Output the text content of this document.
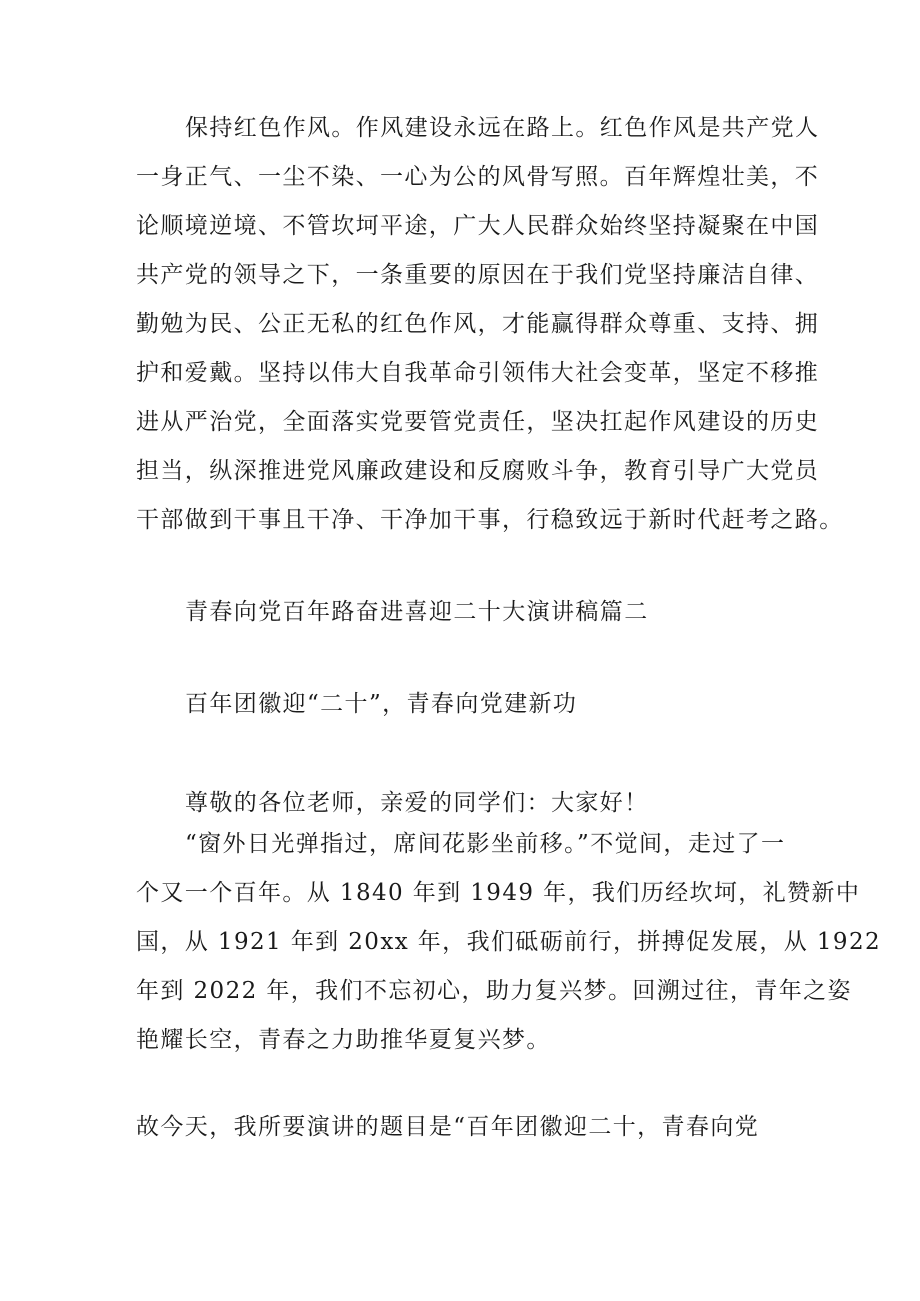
保持红色作风。作风建设永远在路上。红色作风是共产党人
一身正气、一尘不染、一心为公的风骨写照。百年辉煌壮美，不
论顺境逆境、不管坎坷平途，广大人民群众始终坚持凝聚在中国
共产党的领导之下，一条重要的原因在于我们党坚持廉洁自律、
勤勉为民、公正无私的红色作风，才能赢得群众尊重、支持、拥
护和爱戴。坚持以伟大自我革命引领伟大社会变革，坚定不移推
进从严治党，全面落实党要管党责任，坚决扛起作风建设的历史
担当，纵深推进党风廉政建设和反腐败斗争，教育引导广大党员
干部做到干事且干净、干净加干事，行稳致远于新时代赶考之路。
青春向党百年路奋进喜迎二十大演讲稿篇二
百年团徽迎“二十”，青春向党建新功
尊敬的各位老师，亲爱的同学们：大家好！
“窗外日光弹指过，席间花影坐前移。”不觉间，走过了一
个又一个百年。从 1840 年到 1949 年，我们历经坎坷，礼赞新中
国，从 1921 年到 20xx 年，我们砥砺前行，拼搏促发展，从 1922
年到 2022 年，我们不忘初心，助力复兴梦。回溯过往，青年之姿
艳耀长空，青春之力助推华夏复兴梦。
故今天，我所要演讲的题目是“百年团徽迎二十，青春向党
